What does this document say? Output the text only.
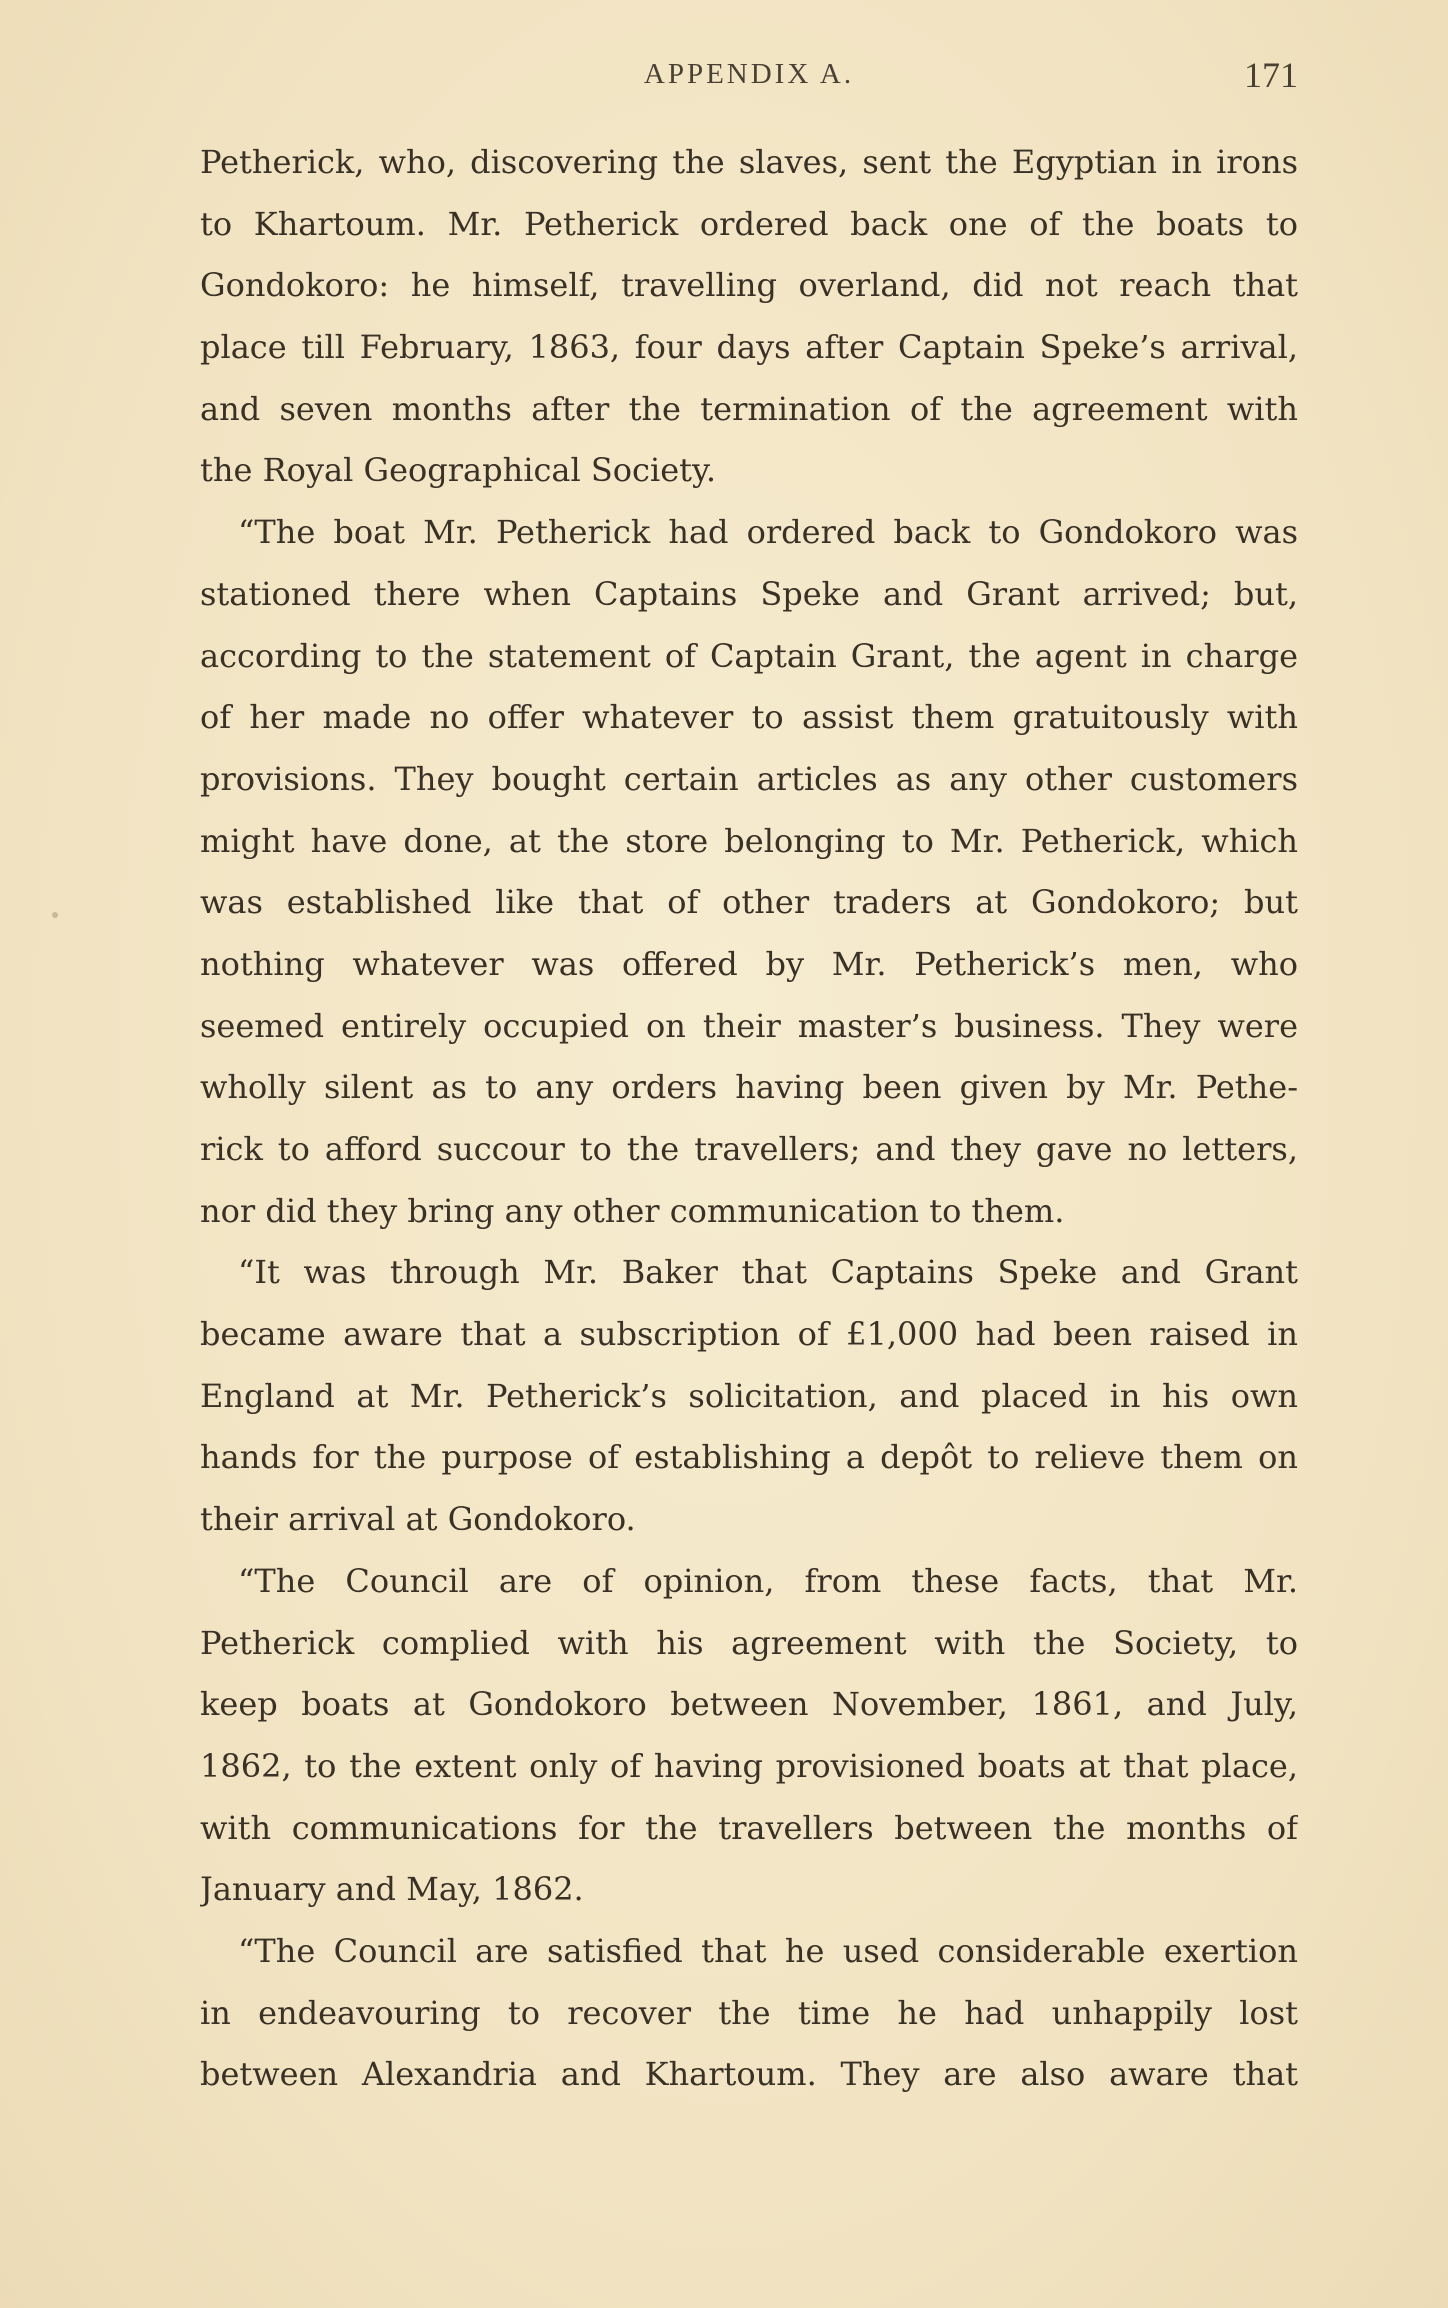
APPENDIX A.	171
Petherick, who, discovering the slaves, sent the Egyptian in irons
to Khartoum. Mr. Petherick ordered back one of the boats to
Gondokoro: he himself, travelling overland, did not reach that
place till February, 1863, four days after Captain Speke’s arrival,
and seven months after the termination of the agreement with
the Royal Geographical Society.
“The boat Mr. Petherick had ordered back to Gondokoro was
stationed there when Captains Speke and Grant arrived; but,
according to the statement of Captain Grant, the agent in charge
of her made no offer whatever to assist them gratuitously with
provisions. They bought certain articles as any other customers
might have done, at the store belonging to Mr. Petherick, which
was established like that of other traders at Gondokoro; but
nothing whatever was offered by Mr. Petherick’s men, who
seemed entirely occupied on their master’s business. They were
wholly silent as to any orders having been given by Mr. Pethe-
rick to afford succour to the travellers; and they gave no letters,
nor did they bring any other communication to them.
“It was through Mr. Baker that Captains Speke and Grant
became aware that a subscription of £1,000 had been raised in
England at Mr. Petherick’s solicitation, and placed in his own
hands for the purpose of establishing a depôt to relieve them on
their arrival at Gondokoro.
“The Council are of opinion, from these facts, that Mr.
Petherick complied with his agreement with the Society, to
keep boats at Gondokoro between November, 1861, and July,
1862, to the extent only of having provisioned boats at that place,
with communications for the travellers between the months of
January and May, 1862.
“The Council are satisfied that he used considerable exertion
in endeavouring to recover the time he had unhappily lost
between Alexandria and Khartoum. They are also aware that
